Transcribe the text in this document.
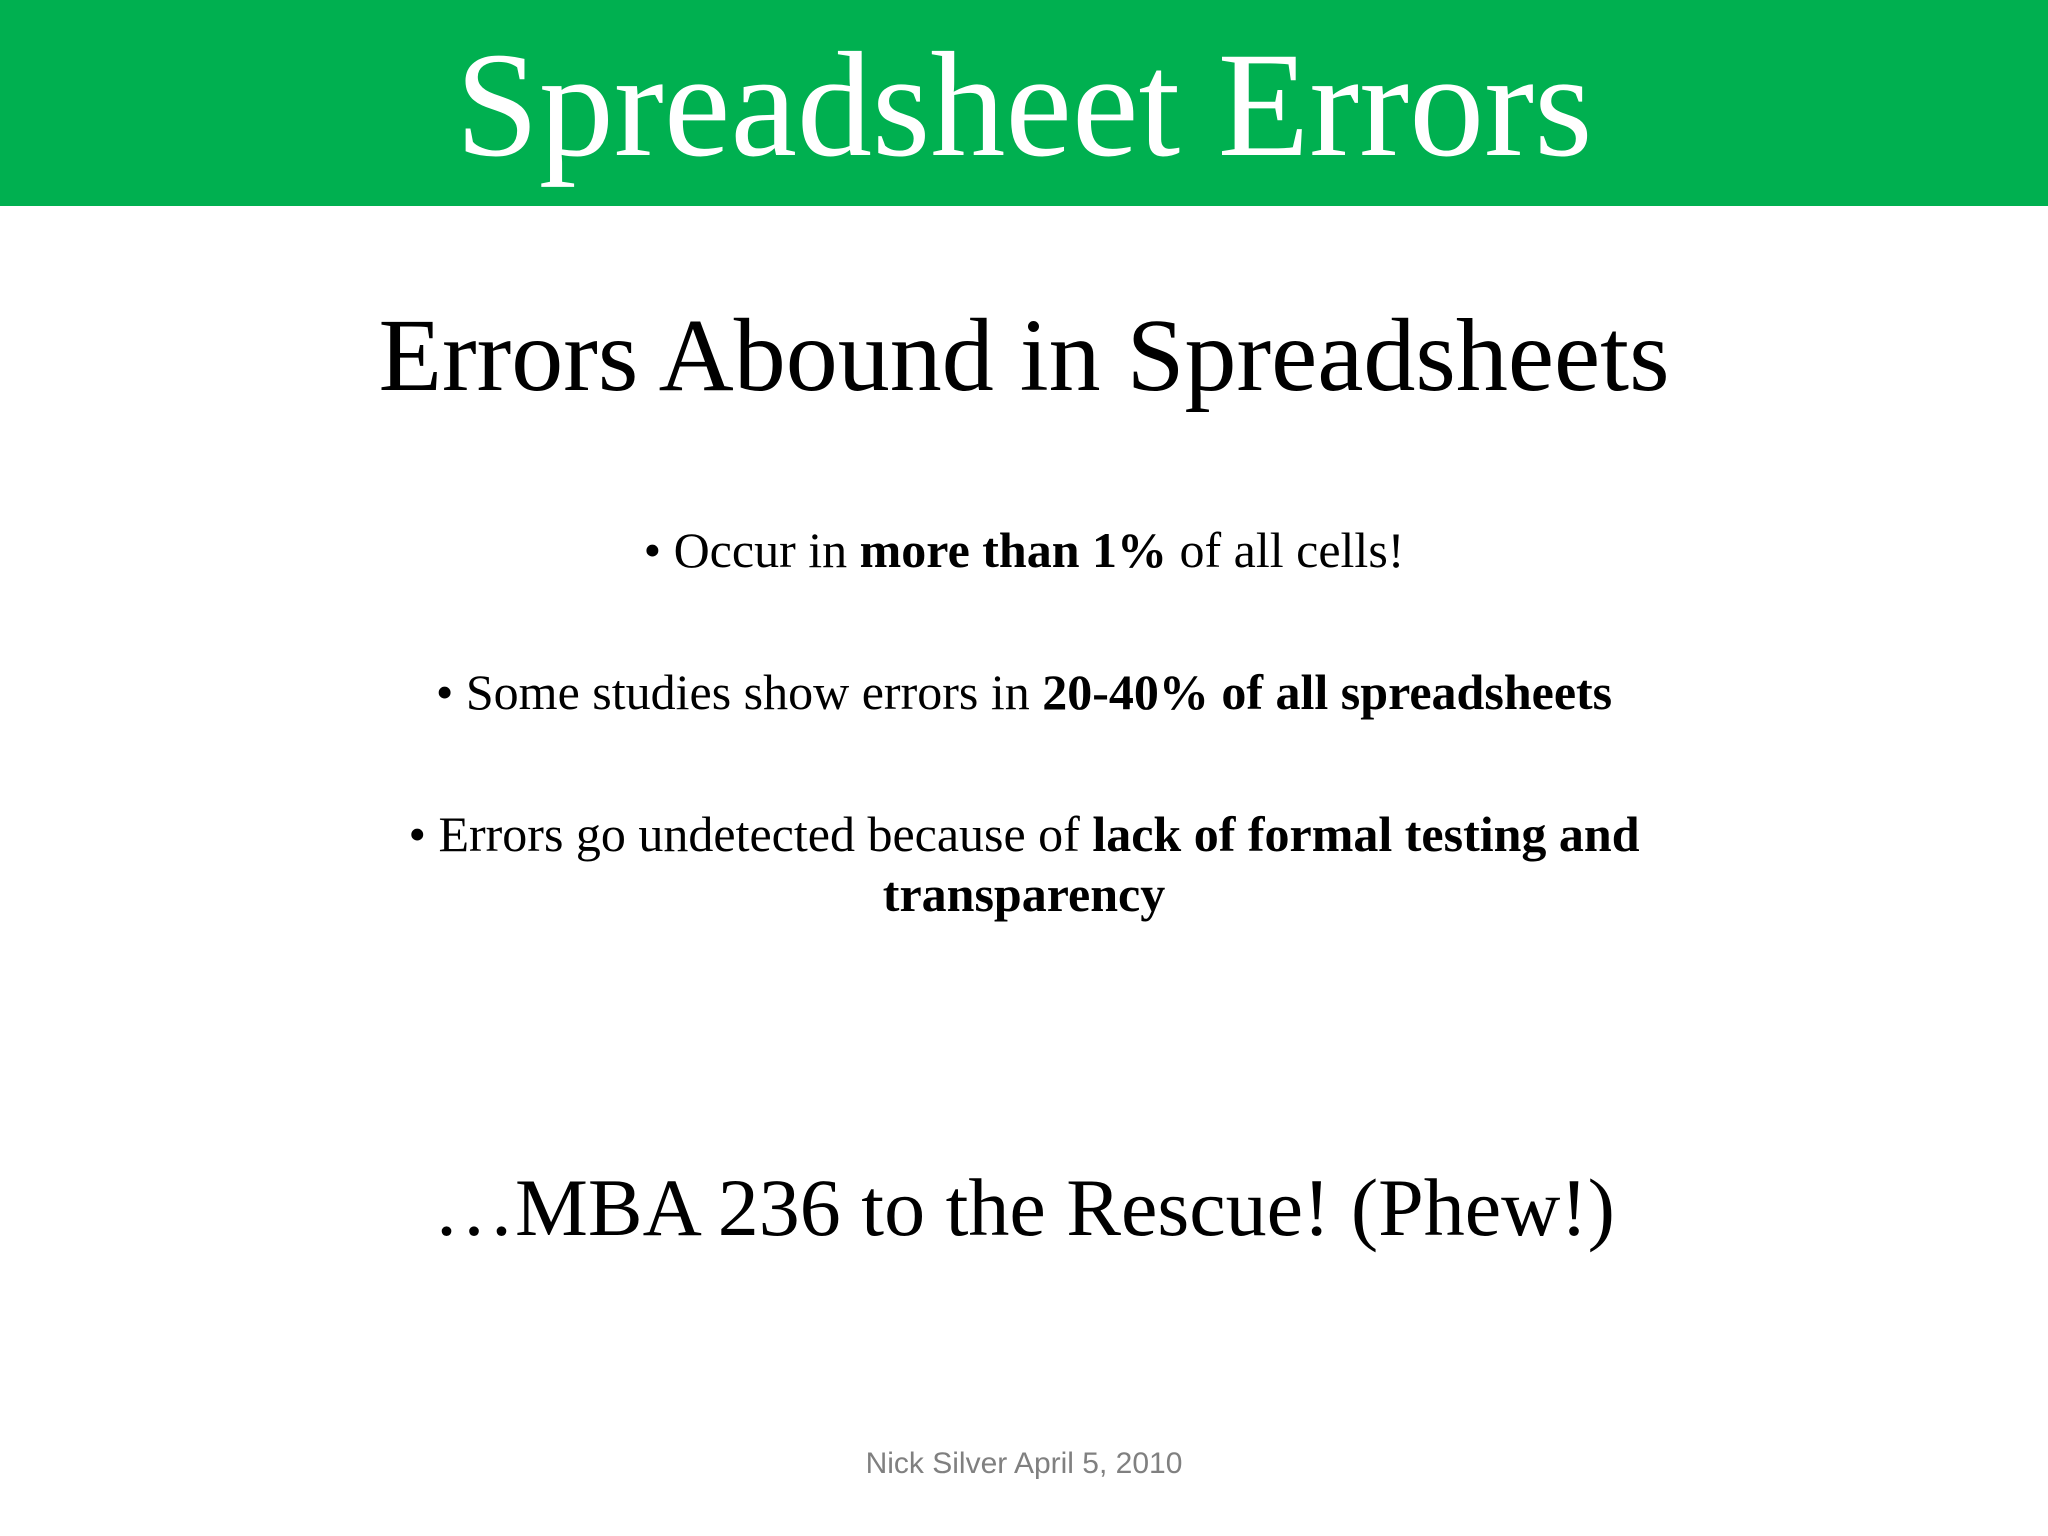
Spreadsheet Errors
Errors Abound in Spreadsheets

• Occur in more than 1% of all cells!

• Some studies show errors in 20-40% of all spreadsheets

• Errors go undetected because of lack of formal testing and transparency

…MBA 236 to the Rescue! (Phew!)
Nick Silver April 5, 2010
